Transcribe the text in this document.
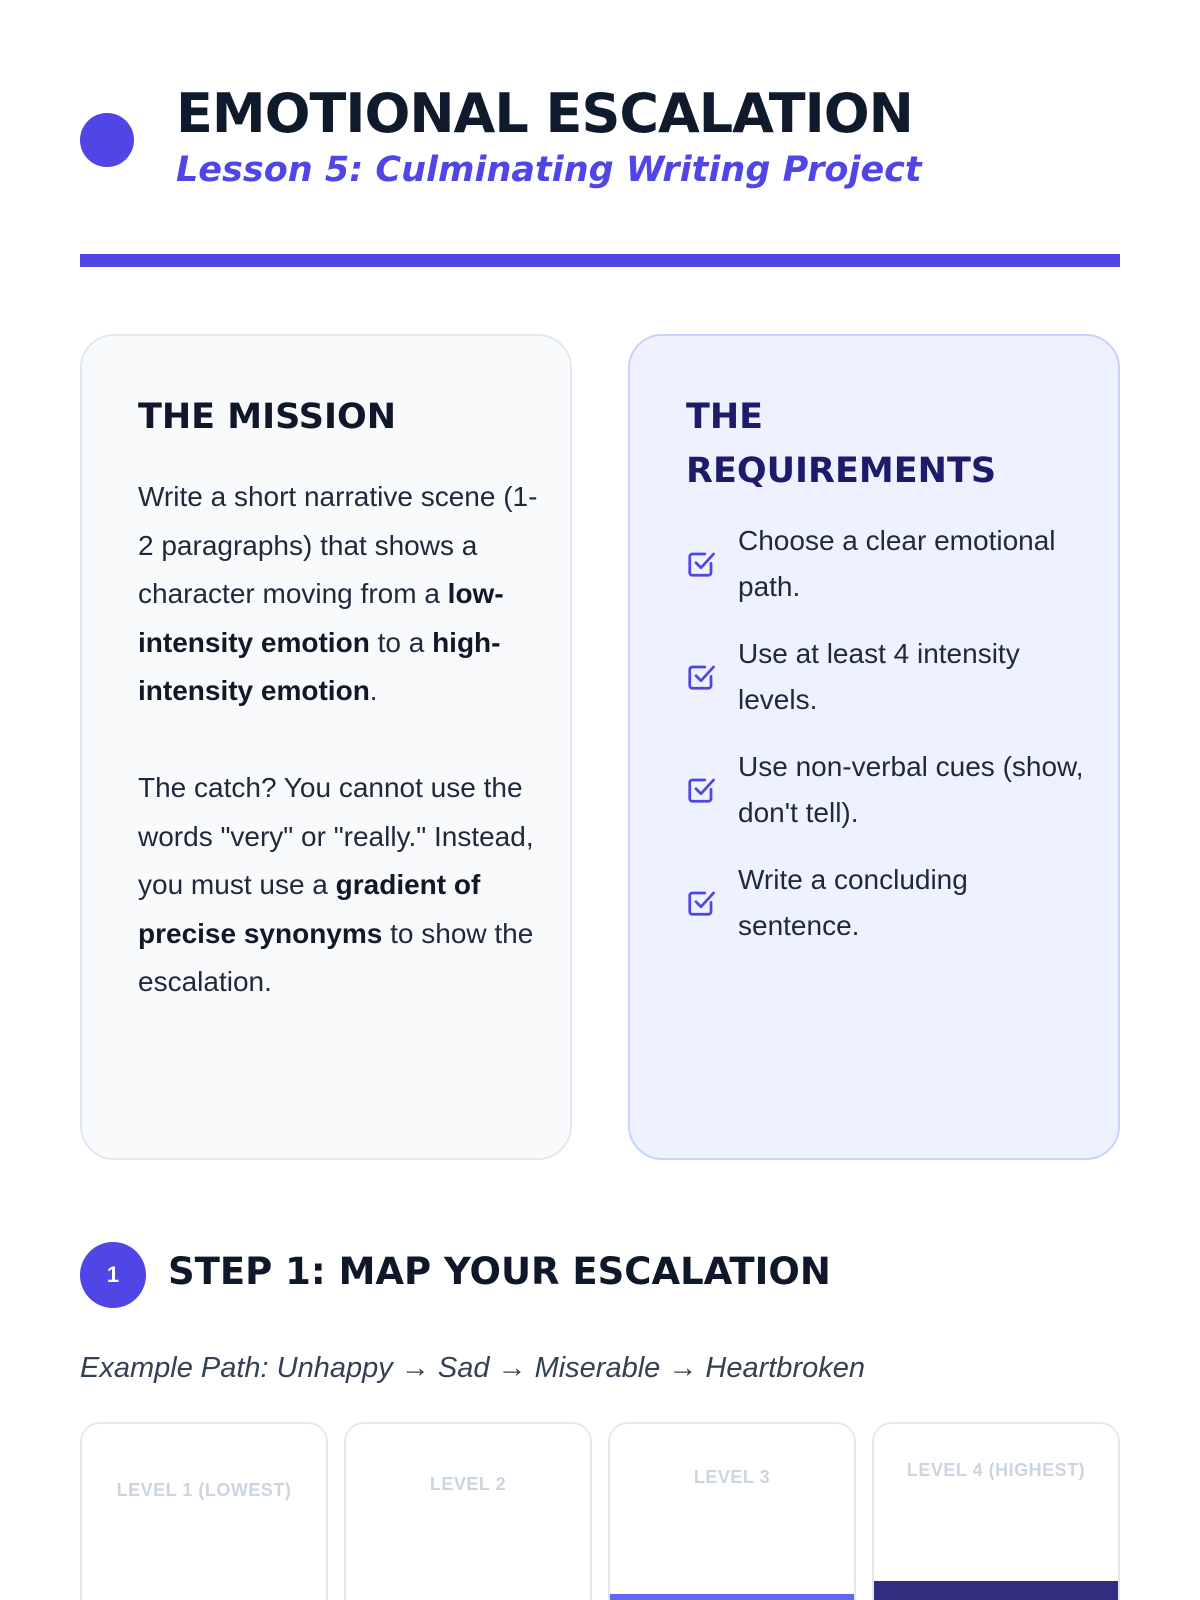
EMOTIONAL ESCALATION
Lesson 5: Culminating Writing Project
THE MISSION

Write a short narrative scene (1-2 paragraphs) that shows a character moving from a low-intensity emotion to a high-intensity emotion.

The catch? You cannot use the words "very" or "really." Instead, you must use a gradient of precise synonyms to show the escalation.

THE REQUIREMENTS
Choose a clear emotional path.
Use at least 4 intensity levels.
Use non-verbal cues (show, don't tell).
Write a concluding sentence.
1	STEP 1: MAP YOUR ESCALATION
Example Path: Unhappy → Sad → Miserable → Heartbroken
LEVEL 1 (LOWEST)	LEVEL 2	LEVEL 3	LEVEL 4 (HIGHEST)
